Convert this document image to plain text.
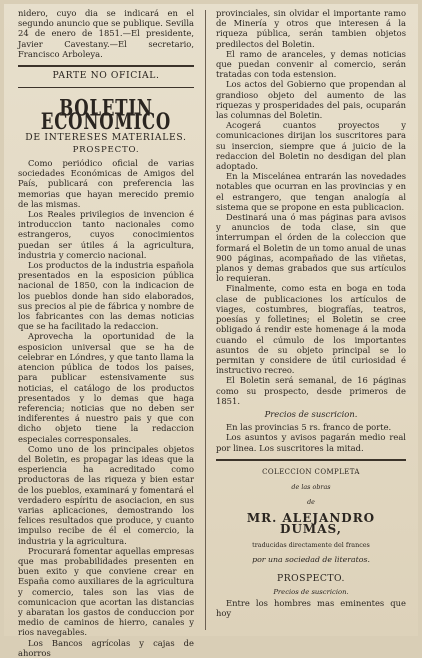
nidero, cuyo dia se indicará en el segundo anuncio que se publique. Sevilla 24 de enero de 1851.—El presidente, Javier Cavestany.—El secretario, Francisco Arboleya.

PARTE NO OFICIAL.
BOLETIN ECONOMICO
DE INTERESES MATERIALES.
PROSPECTO.

Como periódico oficial de varias sociedades Económicas de Amigos del País, publicará con preferencia las memorias que hayan merecido premio de las mismas.

Los Reales privilegios de invencion é introduccion tanto nacionales como estrangeros, cuyos conocimientos puedan ser útiles á la agricultura, industria y comercio nacional.

Los productos de la industria española presentados en la esposicion pública nacional de 1850, con la indicacion de los pueblos donde han sido elaborados, sus precios al pie de fábrica y nombre de los fabricantes con las demas noticias que se ha facilitado la redaccion.

Aprovecha la oportunidad de la esposicion universal que se ha de celebrar en Lóndres, y que tanto llama la atencion pública de todos los paises, para publicar estensivamente sus noticias, el catálogo de los productos presentados y lo demas que haga referencia; noticias que no deben ser indiferentes á nuestro pais y que con dicho objeto tiene la redaccion especiales corresponsales.

Como uno de los principales objetos del Boletin, es propagar las ideas que la esperiencia ha acreditado como productoras de las riqueza y bien estar de los pueblos, examinará y fomentará el verdadero espíritu de asociacion, en sus varias aplicaciones, demostrando los felices resultados que produce, y cuanto impulso recibe de él el comercio, la industria y la agricultura.

Procurará fomentar aquellas empresas que mas probabilidades presenten en buen exito y que conviene crear en España como auxiliares de la agricultura y comercio, tales son las vias de comunicacion que acortan las distancias y abaratan los gastos de conduccion por medio de caminos de hierro, canales y rios navegables.

Los Bancos agrícolas y cajas de ahorros

provinciales, sin olvidar el importante ramo de Minería y otros que interesen á la riqueza pública, serán tambien objetos predilectos del Boletin.

El ramo de aranceles, y demas noticias que puedan convenir al comercio, serán tratadas con toda estension.

Los actos del Gobierno que propendan al grandioso objeto del aumento de las riquezas y prosperidades del pais, ocuparán las columnas del Boletin.

Acogerá cuantos proyectos y comunicaciones dirijan los suscritores para su insercion, siempre que á juicio de la redaccion del Boletin no desdigan del plan adoptado.

En la Miscelánea entrarán las novedades notables que ocurran en las provincias y en el estrangero, que tengan analogía al sistema que se propone en esta publicacion.

Destinará una ó mas páginas para avisos y anuncios de toda clase, sin que interrumpan el órden de la coleccion que formará el Boletin de un tomo anual de unas 900 páginas, acompañado de las viñetas, planos y demas grabados que sus artículos lo requieran.

Finalmente, como esta en boga en toda clase de publicaciones los artículos de viages, costumbres, biografías, teatros, poesías y folletines; el Boletin se cree obligado á rendir este homenage á la moda cuando el cúmulo de los importantes asuntos de su objeto principal se lo permitan y considere de útil curiosidad é instructivo recreo.

El Boletin será semanal, de 16 páginas como su prospecto, desde primeros de 1851.

Precios de suscricion.

En las provincias 5 rs. franco de porte.

Los asuntos y avisos pagarán medio real por linea. Los suscritores la mitad.

COLECCION COMPLETA
de las obras
de
MR. ALEJANDRO DUMAS,
traducidas directamente del frances
por una sociedad de literatos.
PROSPECTO.
Precios de suscricion.

Entre los hombres mas eminentes que hoy
